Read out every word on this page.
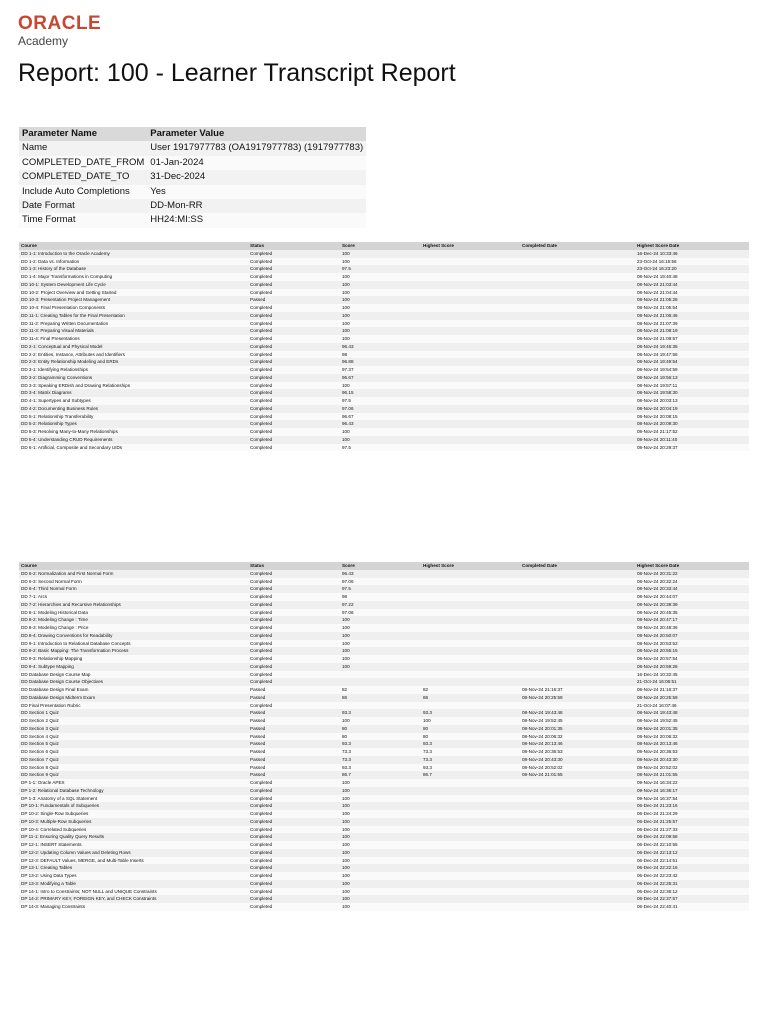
ORACLE
Academy
Report: 100 - Learner Transcript Report
Parameter Name	Parameter Value
Name	User 1917977783 (OA1917977783) (1917977783)
COMPLETED_DATE_FROM	01-Jan-2024
COMPLETED_DATE_TO	31-Dec-2024
Include Auto Completions	Yes
Date Format	DD-Mon-RR
Time Format	HH24:MI:SS
Course	Status	Score	Highest Score	Completed Date	Highest Score Date
DD 1-1: Introduction to the Oracle Academy	Completed	100			16-Dec-24 10:33:46
DD 1-2: Data vs. Information	Completed	100			23-Oct-24 16:16:56
DD 1-3: History of the Database	Completed	97.5			23-Oct-24 16:23:20
DD 1-4: Major Transformations in Computing	Completed	100			08-Nov-24 19:40:48
DD 10-1: System Development Life Cycle	Completed	100			08-Nov-24 21:03:44
DD 10-2: Project Overview and Getting Started	Completed	100			08-Nov-24 21:04:44
DD 10-3: Presentation Project Management	Passed	100			08-Nov-24 21:05:28
DD 10-4: Final Presentation Components	Completed	100			08-Nov-24 21:05:54
DD 11-1: Creating Tables for the Final Presentation	Completed	100			08-Nov-24 21:06:46
DD 11-2: Preparing Written Documentation	Completed	100			08-Nov-24 21:07:39
DD 11-3: Preparing Visual Materials	Completed	100			08-Nov-24 21:08:19
DD 11-4: Final Presentations	Completed	100			08-Nov-24 21:08:57
DD 2-1: Conceptual and Physical Model	Completed	96.43			08-Nov-24 19:46:35
DD 2-2: Entities, Instance, Attributes and Identifiers	Completed	98			08-Nov-24 19:47:56
DD 2-3: Entity Relationship Modeling and ERDs	Completed	96.88			08-Nov-24 19:49:54
DD 3-1: Identifying Relationships	Completed	97.37			08-Nov-24 19:54:59
DD 3-2: Diagramming Conventions	Completed	96.67			08-Nov-24 19:56:13
DD 3-3: Speaking ERDish and Drawing Relationships	Completed	100			08-Nov-24 19:57:11
DD 3-4: Matrix Diagrams	Completed	96.15			08-Nov-24 19:58:30
DD 4-1: Supertypes and Subtypes	Completed	97.5			08-Nov-24 20:03:13
DD 4-2: Documenting Business Rules	Completed	97.06			08-Nov-24 20:04:19
DD 5-1: Relationship Transferability	Completed	96.67			08-Nov-24 20:08:15
DD 5-2: Relationship Types	Completed	96.43			08-Nov-24 20:09:30
DD 5-3: Resolving Many-to-Many Relationships	Completed	100			08-Nov-24 21:17:52
DD 5-4: Understanding CRUD Requirements	Completed	100			08-Nov-24 20:11:40
DD 6-1: Artificial, Composite and Secondary UIDs	Completed	97.5			08-Nov-24 20:29:37
Course	Status	Score	Highest Score	Completed Date	Highest Score Date
DD 6-2: Normalization and First Normal Form	Completed	96.43			08-Nov-24 20:31:22
DD 6-3: Second Normal Form	Completed	97.06			08-Nov-24 20:32:24
DD 6-4: Third Normal Form	Completed	97.5			08-Nov-24 20:33:44
DD 7-1: Arcs	Completed	98			08-Nov-24 20:44:07
DD 7-2: Hierarchies and Recursive Relationships	Completed	97.22			08-Nov-24 20:39:39
DD 8-1: Modeling Historical Data	Completed	97.06			08-Nov-24 20:45:35
DD 8-2: Modeling Change : Time	Completed	100			08-Nov-24 20:47:17
DD 8-3: Modeling Change : Price	Completed	100			08-Nov-24 20:48:36
DD 8-4: Drawing Conventions for Readability	Completed	100			08-Nov-24 20:50:07
DD 9-1: Introduction to Relational Database Concepts	Completed	100			08-Nov-24 20:53:53
DD 9-2: Basic Mapping: The Transformation Process	Completed	100			08-Nov-24 20:55:15
DD 9-3: Relationship Mapping	Completed	100			08-Nov-24 20:57:54
DD 9-4: Subtype Mapping	Completed	100			08-Nov-24 20:59:28
DD Database Design Course Map	Completed				16-Dec-24 10:32:45
DD Database Design Course Objectives	Completed				21-Oct-24 16:06:51
DD Database Design Final Exam	Passed	82	82	08-Nov-24 21:16:37	08-Nov-24 21:16:37
DD Database Design Midterm Exam	Passed	86	86	08-Nov-24 20:25:59	08-Nov-24 20:25:59
DD Final Presentation Rubric	Completed				21-Oct-24 16:07:46
DD Section 1 Quiz	Passed	93.3	93.3	08-Nov-24 19:43:48	08-Nov-24 19:43:48
DD Section 2 Quiz	Passed	100	100	08-Nov-24 19:52:45	08-Nov-24 19:52:45
DD Section 3 Quiz	Passed	80	80	08-Nov-24 20:01:35	08-Nov-24 20:01:35
DD Section 4 Quiz	Passed	80	80	08-Nov-24 20:06:32	08-Nov-24 20:06:32
DD Section 5 Quiz	Passed	93.3	93.3	08-Nov-24 20:13:46	08-Nov-24 20:13:46
DD Section 6 Quiz	Passed	73.3	73.3	08-Nov-24 20:36:53	08-Nov-24 20:36:53
DD Section 7 Quiz	Passed	73.3	73.3	08-Nov-24 20:43:30	08-Nov-24 20:43:30
DD Section 8 Quiz	Passed	93.3	93.3	08-Nov-24 20:52:02	08-Nov-24 20:52:02
DD Section 9 Quiz	Passed	86.7	86.7	08-Nov-24 21:01:55	08-Nov-24 21:01:55
DP 1-1: Oracle APEX	Completed	100			09-Nov-24 16:34:22
DP 1-2: Relational Database Technology	Completed	100			09-Nov-24 16:36:17
DP 1-3: Anatomy of a SQL Statement	Completed	100			09-Nov-24 16:37:54
DP 10-1: Fundamentals of Subqueries	Completed	100			06-Dec-24 21:23:16
DP 10-2: Single-Row Subqueries	Completed	100			06-Dec-24 21:24:29
DP 10-3: Multiple-Row Subqueries	Completed	100			06-Dec-24 21:25:57
DP 10-4: Correlated Subqueries	Completed	100			06-Dec-24 21:27:33
DP 11-1: Ensuring Quality Query Results	Completed	100			06-Dec-24 22:09:58
DP 12-1: INSERT Statements	Completed	100			06-Dec-24 22:10:55
DP 12-2: Updating Column Values and Deleting Rows	Completed	100			06-Dec-24 22:13:12
DP 12-3: DEFAULT Values, MERGE, and Multi-Table Inserts	Completed	100			06-Dec-24 22:14:51
DP 13-1: Creating Tables	Completed	100			06-Dec-24 22:22:16
DP 13-2: Using Data Types	Completed	100			06-Dec-24 22:23:42
DP 13-3: Modifying a Table	Completed	100			06-Dec-24 22:25:31
DP 14-1: Intro to Constraints; NOT NULL and UNIQUE Constraints	Completed	100			06-Dec-24 22:36:12
DP 14-2: PRIMARY KEY, FOREIGN KEY, and CHECK Constraints	Completed	100			06-Dec-24 22:37:57
DP 14-3: Managing Constraints	Completed	100			06-Dec-24 22:40:41
